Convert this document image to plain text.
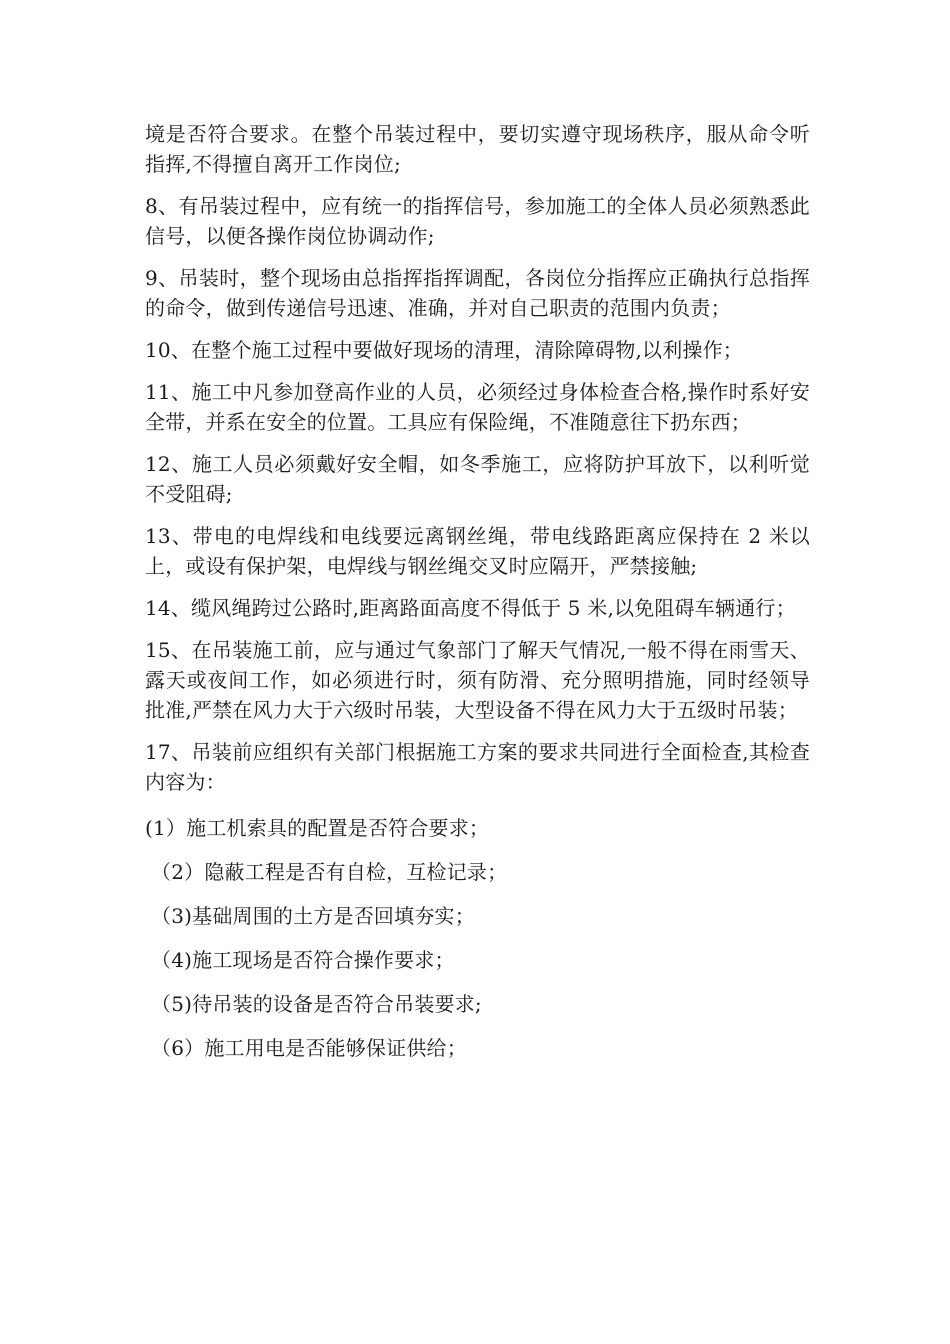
境是否符合要求。在整个吊装过程中，要切实遵守现场秩序，服从命令听指挥,不得擅自离开工作岗位;

8、有吊装过程中，应有统一的指挥信号，参加施工的全体人员必须熟悉此信号，以便各操作岗位协调动作;

9、吊装时，整个现场由总指挥指挥调配，各岗位分指挥应正确执行总指挥的命令，做到传递信号迅速、准确，并对自己职责的范围内负责；

10、在整个施工过程中要做好现场的清理，清除障碍物,以利操作；

11、施工中凡参加登高作业的人员，必须经过身体检查合格,操作时系好安全带，并系在安全的位置。工具应有保险绳，不准随意往下扔东西；

12、施工人员必须戴好安全帽，如冬季施工，应将防护耳放下，以利听觉不受阻碍;

13、带电的电焊线和电线要远离钢丝绳，带电线路距离应保持在 2 米以上，或设有保护架，电焊线与钢丝绳交叉时应隔开，严禁接触;

14、缆风绳跨过公路时,距离路面高度不得低于 5 米,以免阻碍车辆通行；

15、在吊装施工前，应与通过气象部门了解天气情况,一般不得在雨雪天、露天或夜间工作，如必须进行时，须有防滑、充分照明措施，同时经领导批准,严禁在风力大于六级时吊装，大型设备不得在风力大于五级时吊装；

17、吊装前应组织有关部门根据施工方案的要求共同进行全面检查,其检查内容为：

(1）施工机索具的配置是否符合要求；

（2）隐蔽工程是否有自检，互检记录；

（3)基础周围的土方是否回填夯实；

（4)施工现场是否符合操作要求；

（5)待吊装的设备是否符合吊装要求;

（6）施工用电是否能够保证供给；
